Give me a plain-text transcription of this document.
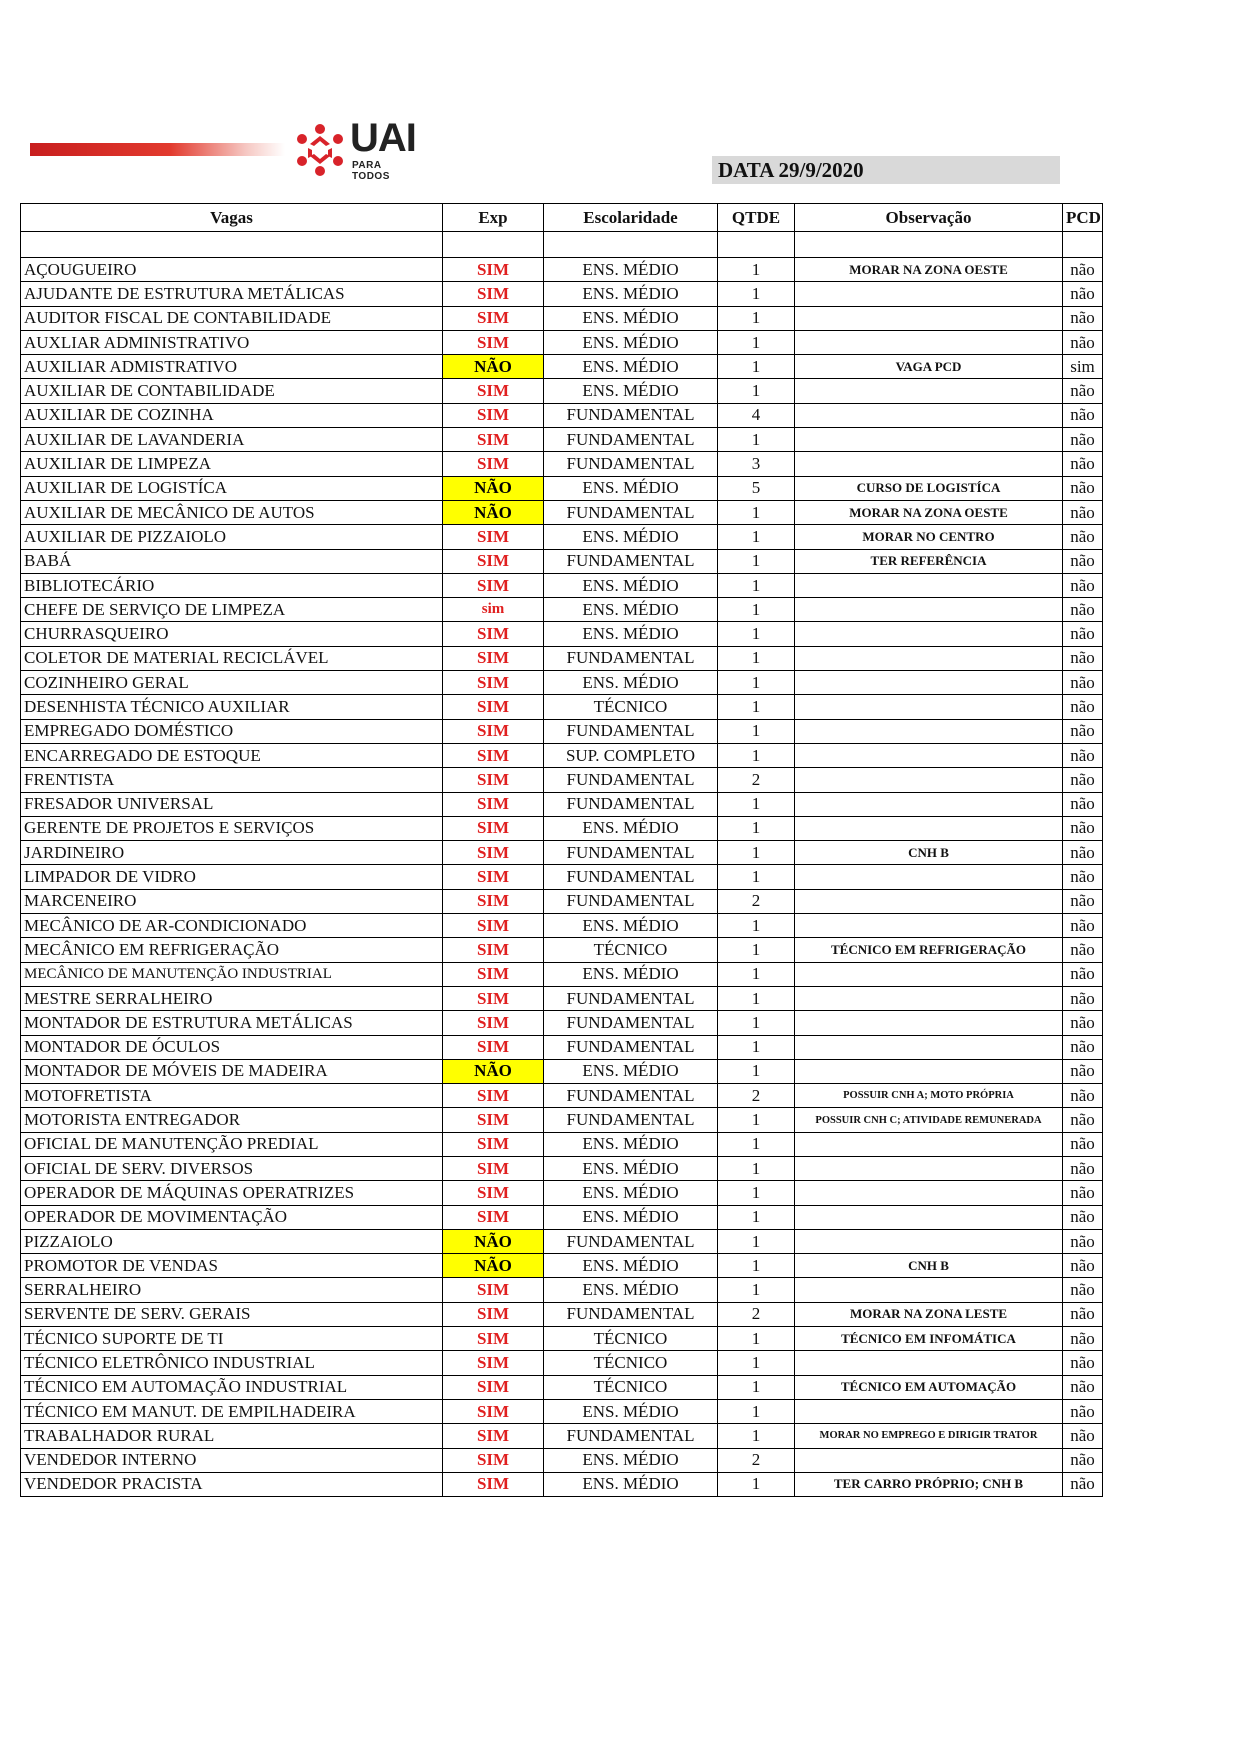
UAI
PARA TODOS	DATA 29/9/2020
Vagas	Exp	Escolaridade	QTDE	Observação	PCD

AÇOUGUEIRO	SIM	ENS. MÉDIO	1	MORAR NA ZONA OESTE	não
AJUDANTE DE ESTRUTURA METÁLICAS	SIM	ENS. MÉDIO	1		não
AUDITOR FISCAL DE CONTABILIDADE	SIM	ENS. MÉDIO	1		não
AUXLIAR ADMINISTRATIVO	SIM	ENS. MÉDIO	1		não
AUXILIAR ADMISTRATIVO	NÃO	ENS. MÉDIO	1	VAGA PCD	sim
AUXILIAR DE CONTABILIDADE	SIM	ENS. MÉDIO	1		não
AUXILIAR DE COZINHA	SIM	FUNDAMENTAL	4		não
AUXILIAR DE LAVANDERIA	SIM	FUNDAMENTAL	1		não
AUXILIAR DE LIMPEZA	SIM	FUNDAMENTAL	3		não
AUXILIAR DE LOGISTÍCA	NÃO	ENS. MÉDIO	5	CURSO DE LOGISTÍCA	não
AUXILIAR DE MECÂNICO DE AUTOS	NÃO	FUNDAMENTAL	1	MORAR NA ZONA OESTE	não
AUXILIAR DE PIZZAIOLO	SIM	ENS. MÉDIO	1	MORAR NO CENTRO	não
BABÁ	SIM	FUNDAMENTAL	1	TER REFERÊNCIA	não
BIBLIOTECÁRIO	SIM	ENS. MÉDIO	1		não
CHEFE DE SERVIÇO DE LIMPEZA	sim	ENS. MÉDIO	1		não
CHURRASQUEIRO	SIM	ENS. MÉDIO	1		não
COLETOR DE MATERIAL RECICLÁVEL	SIM	FUNDAMENTAL	1		não
COZINHEIRO GERAL	SIM	ENS. MÉDIO	1		não
DESENHISTA TÉCNICO AUXILIAR	SIM	TÉCNICO	1		não
EMPREGADO DOMÉSTICO	SIM	FUNDAMENTAL	1		não
ENCARREGADO DE ESTOQUE	SIM	SUP. COMPLETO	1		não
FRENTISTA	SIM	FUNDAMENTAL	2		não
FRESADOR UNIVERSAL	SIM	FUNDAMENTAL	1		não
GERENTE DE PROJETOS E SERVIÇOS	SIM	ENS. MÉDIO	1		não
JARDINEIRO	SIM	FUNDAMENTAL	1	CNH B	não
LIMPADOR DE VIDRO	SIM	FUNDAMENTAL	1		não
MARCENEIRO	SIM	FUNDAMENTAL	2		não
MECÂNICO DE AR-CONDICIONADO	SIM	ENS. MÉDIO	1		não
MECÂNICO EM REFRIGERAÇÃO	SIM	TÉCNICO	1	TÉCNICO EM REFRIGERAÇÃO	não
MECÂNICO DE MANUTENÇÃO INDUSTRIAL	SIM	ENS. MÉDIO	1		não
MESTRE SERRALHEIRO	SIM	FUNDAMENTAL	1		não
MONTADOR DE ESTRUTURA METÁLICAS	SIM	FUNDAMENTAL	1		não
MONTADOR DE ÓCULOS	SIM	FUNDAMENTAL	1		não
MONTADOR DE MÓVEIS DE MADEIRA	NÃO	ENS. MÉDIO	1		não
MOTOFRETISTA	SIM	FUNDAMENTAL	2	POSSUIR CNH A; MOTO PRÓPRIA	não
MOTORISTA ENTREGADOR	SIM	FUNDAMENTAL	1	POSSUIR CNH C; ATIVIDADE REMUNERADA	não
OFICIAL DE MANUTENÇÃO PREDIAL	SIM	ENS. MÉDIO	1		não
OFICIAL DE SERV. DIVERSOS	SIM	ENS. MÉDIO	1		não
OPERADOR DE MÁQUINAS OPERATRIZES	SIM	ENS. MÉDIO	1		não
OPERADOR DE MOVIMENTAÇÃO	SIM	ENS. MÉDIO	1		não
PIZZAIOLO	NÃO	FUNDAMENTAL	1		não
PROMOTOR DE VENDAS	NÃO	ENS. MÉDIO	1	CNH B	não
SERRALHEIRO	SIM	ENS. MÉDIO	1		não
SERVENTE DE SERV. GERAIS	SIM	FUNDAMENTAL	2	MORAR NA ZONA LESTE	não
TÉCNICO SUPORTE DE TI	SIM	TÉCNICO	1	TÉCNICO EM INFOMÁTICA	não
TÉCNICO ELETRÔNICO INDUSTRIAL	SIM	TÉCNICO	1		não
TÉCNICO EM AUTOMAÇÃO INDUSTRIAL	SIM	TÉCNICO	1	TÉCNICO EM AUTOMAÇÃO	não
TÉCNICO EM MANUT. DE EMPILHADEIRA	SIM	ENS. MÉDIO	1		não
TRABALHADOR RURAL	SIM	FUNDAMENTAL	1	MORAR NO EMPREGO E DIRIGIR TRATOR	não
VENDEDOR INTERNO	SIM	ENS. MÉDIO	2		não
VENDEDOR PRACISTA	SIM	ENS. MÉDIO	1	TER CARRO PRÓPRIO; CNH B	não
